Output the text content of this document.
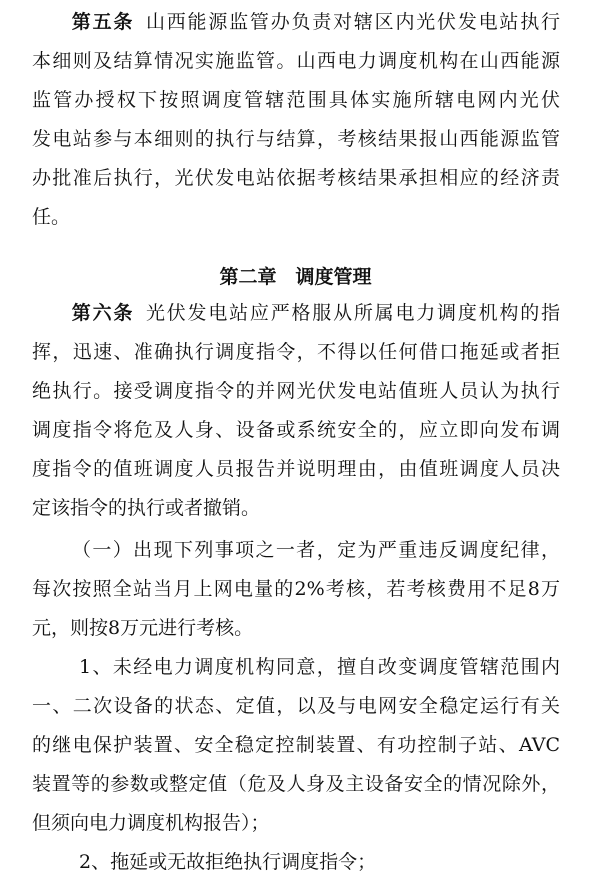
第五条 山西能源监管办负责对辖区内光伏发电站执行
本细则及结算情况实施监管。山西电力调度机构在山西能源
监管办授权下按照调度管辖范围具体实施所辖电网内光伏
发电站参与本细则的执行与结算，考核结果报山西能源监管
办批准后执行，光伏发电站依据考核结果承担相应的经济责
任。
第二章　调度管理
第六条 光伏发电站应严格服从所属电力调度机构的指
挥，迅速、准确执行调度指令，不得以任何借口拖延或者拒
绝执行。接受调度指令的并网光伏发电站值班人员认为执行
调度指令将危及人身、设备或系统安全的，应立即向发布调
度指令的值班调度人员报告并说明理由，由值班调度人员决
定该指令的执行或者撤销。
（一）出现下列事项之一者，定为严重违反调度纪律，
每次按照全站当月上网电量的2%考核，若考核费用不足8万
元，则按8万元进行考核。
1、未经电力调度机构同意，擅自改变调度管辖范围内
一、二次设备的状态、定值，以及与电网安全稳定运行有关
的继电保护装置、安全稳定控制装置、有功控制子站、AVC
装置等的参数或整定值（危及人身及主设备安全的情况除外，
但须向电力调度机构报告）；
2、拖延或无故拒绝执行调度指令；
